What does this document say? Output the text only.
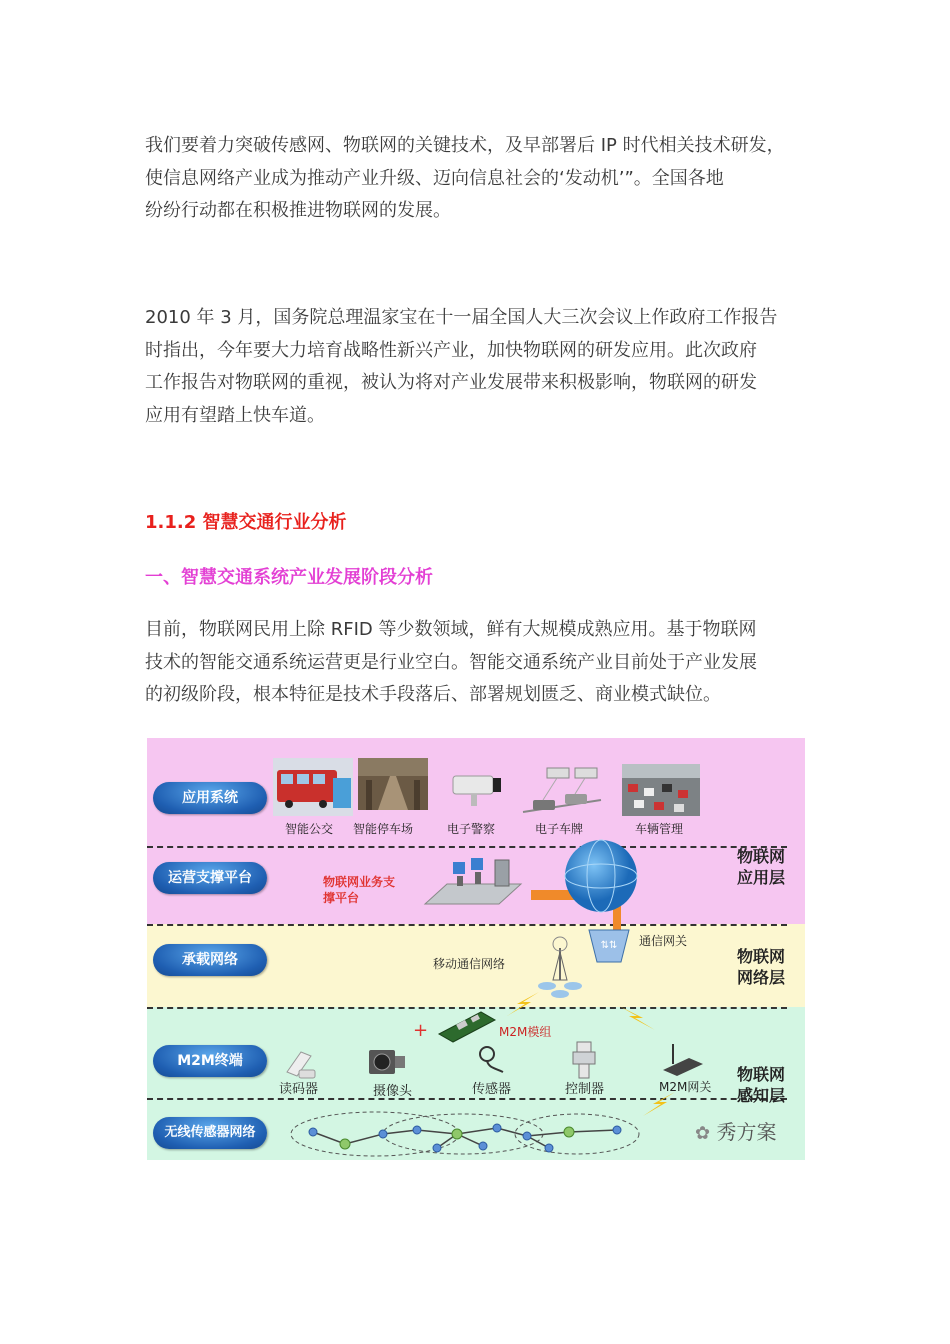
我们要着力突破传感网、物联网的关键技术，及早部署后 IP 时代相关技术研发，
使信息网络产业成为推动产业升级、迈向信息社会的‘发动机’”。全国各地
纷纷行动都在积极推进物联网的发展。
2010 年 3 月，国务院总理温家宝在十一届全国人大三次会议上作政府工作报告
时指出，今年要大力培育战略性新兴产业，加快物联网的研发应用。此次政府
工作报告对物联网的重视，被认为将对产业发展带来积极影响，物联网的研发
应用有望踏上快车道。
1.1.2 智慧交通行业分析
一、智慧交通系统产业发展阶段分析
目前，物联网民用上除 RFID 等少数领域，鲜有大规模成熟应用。基于物联网
技术的智能交通系统运营更是行业空白。智能交通系统产业目前处于产业发展
的初级阶段，根本特征是技术手段落后、部署规划匮乏、商业模式缺位。
应用系统
运营支撑平台
承载网络
M2M终端
无线传感器网络
智能公交 智能停车场	电子警察	电子车牌	车辆管理
物联网业务支
撑平台
⇅⇅ 通信网关
移动通信网络
+	M2M模组
读码器	摄像头	传感器	控制器	M2M网关
物联网
应用层
物联网
网络层
物联网
感知层
✿ 秀方案
